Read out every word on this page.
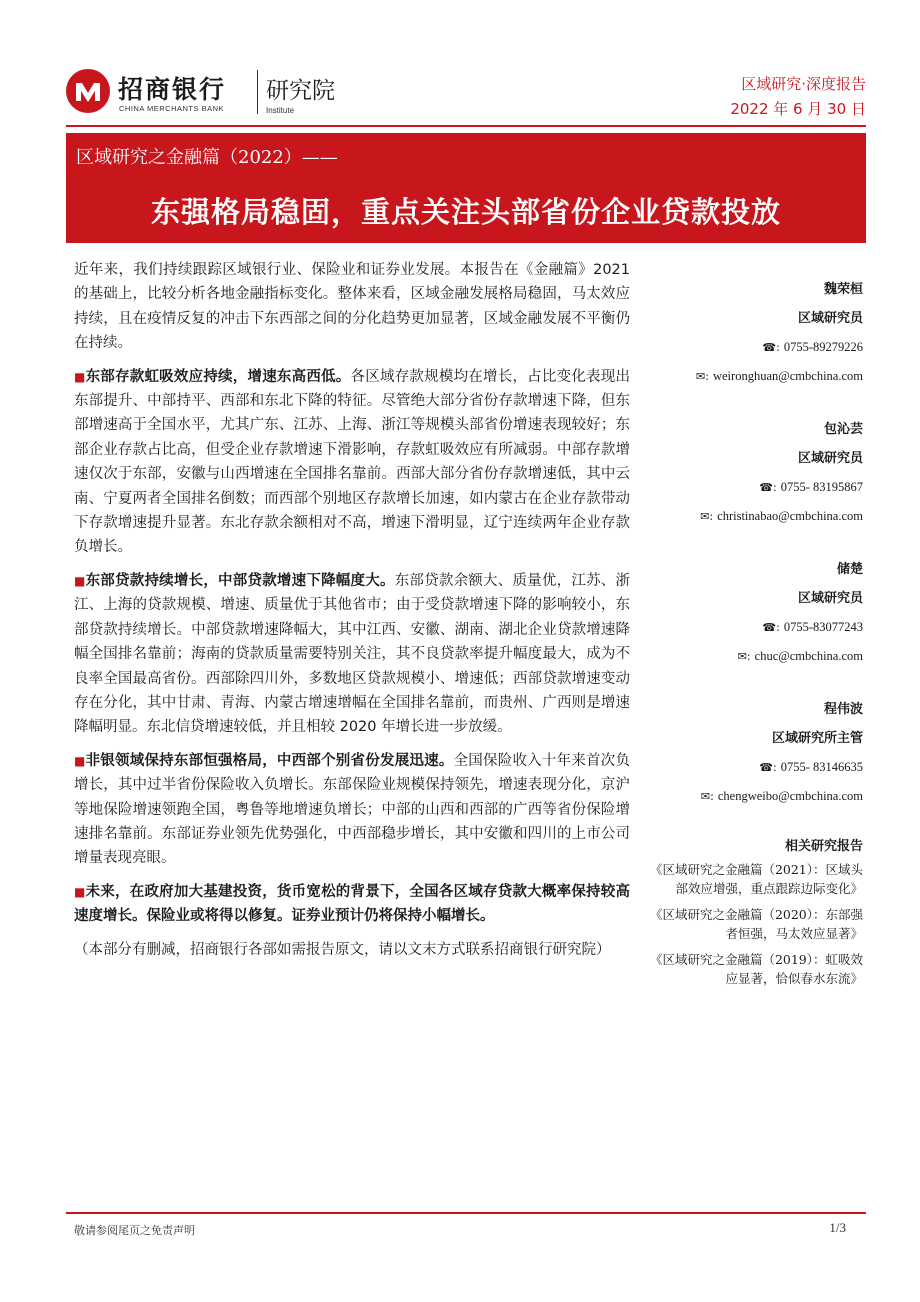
招商银行
CHINA MERCHANTS BANK
研究院
Institute
区域研究·深度报告
2022 年 6 月 30 日
区域研究之金融篇（2022）——
东强格局稳固，重点关注头部省份企业贷款投放

近年来，我们持续跟踪区域银行业、保险业和证券业发展。本报告在《金融篇》2021 的基础上，比较分析各地金融指标变化。整体来看，区域金融发展格局稳固，马太效应持续，且在疫情反复的冲击下东西部之间的分化趋势更加显著，区域金融发展不平衡仍在持续。

■东部存款虹吸效应持续，增速东高西低。各区域存款规模均在增长，占比变化表现出东部提升、中部持平、西部和东北下降的特征。尽管绝大部分省份存款增速下降，但东部增速高于全国水平，尤其广东、江苏、上海、浙江等规模头部省份增速表现较好；东部企业存款占比高，但受企业存款增速下滑影响，存款虹吸效应有所减弱。中部存款增速仅次于东部，安徽与山西增速在全国排名靠前。西部大部分省份存款增速低，其中云南、宁夏两者全国排名倒数；而西部个别地区存款增长加速，如内蒙古在企业存款带动下存款增速提升显著。东北存款余额相对不高，增速下滑明显，辽宁连续两年企业存款负增长。

■东部贷款持续增长，中部贷款增速下降幅度大。东部贷款余额大、质量优，江苏、浙江、上海的贷款规模、增速、质量优于其他省市；由于受贷款增速下降的影响较小，东部贷款持续增长。中部贷款增速降幅大，其中江西、安徽、湖南、湖北企业贷款增速降幅全国排名靠前；海南的贷款质量需要特别关注，其不良贷款率提升幅度最大，成为不良率全国最高省份。西部除四川外，多数地区贷款规模小、增速低；西部贷款增速变动存在分化，其中甘肃、青海、内蒙古增速增幅在全国排名靠前，而贵州、广西则是增速降幅明显。东北信贷增速较低，并且相较 2020 年增长进一步放缓。

■非银领域保持东部恒强格局，中西部个别省份发展迅速。全国保险收入十年来首次负增长，其中过半省份保险收入负增长。东部保险业规模保持领先，增速表现分化，京沪等地保险增速领跑全国，粤鲁等地增速负增长；中部的山西和西部的广西等省份保险增速排名靠前。东部证券业领先优势强化，中西部稳步增长，其中安徽和四川的上市公司增量表现亮眼。

■未来，在政府加大基建投资，货币宽松的背景下，全国各区域存贷款大概率保持较高速度增长。保险业或将得以修复。证券业预计仍将保持小幅增长。

（本部分有删减，招商银行各部如需报告原文，请以文末方式联系招商银行研究院）

魏荣桓
区域研究员
☎: 0755-89279226
✉: weironghuan@cmbchina.com
包沁芸
区域研究员
☎: 0755- 83195867
✉: christinabao@cmbchina.com
储楚
区域研究员
☎: 0755-83077243
✉: chuc@cmbchina.com
程伟波
区域研究所主管
☎: 0755- 83146635
✉: chengweibo@cmbchina.com
相关研究报告
《区域研究之金融篇（2021）：区域头部效应增强，重点跟踪边际变化》
《区域研究之金融篇（2020）：东部强者恒强，马太效应显著》
《区域研究之金融篇（2019）：虹吸效应显著，恰似春水东流》
敬请参阅尾页之免责声明	1/3
